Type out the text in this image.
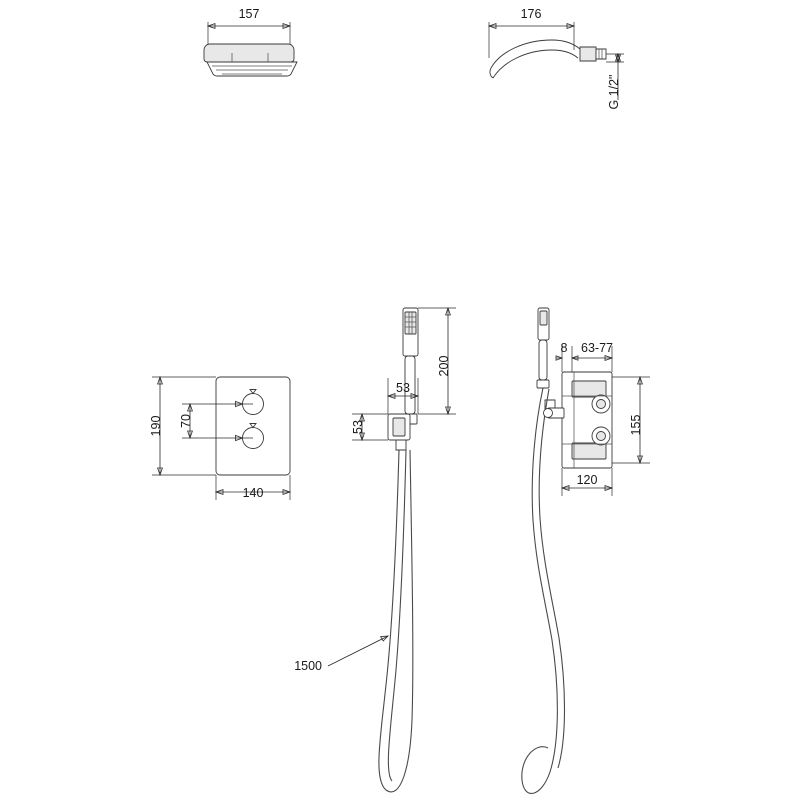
157	176
G 1/2"
190 70
140
200
53
53
1500
8 63-77
155
120
